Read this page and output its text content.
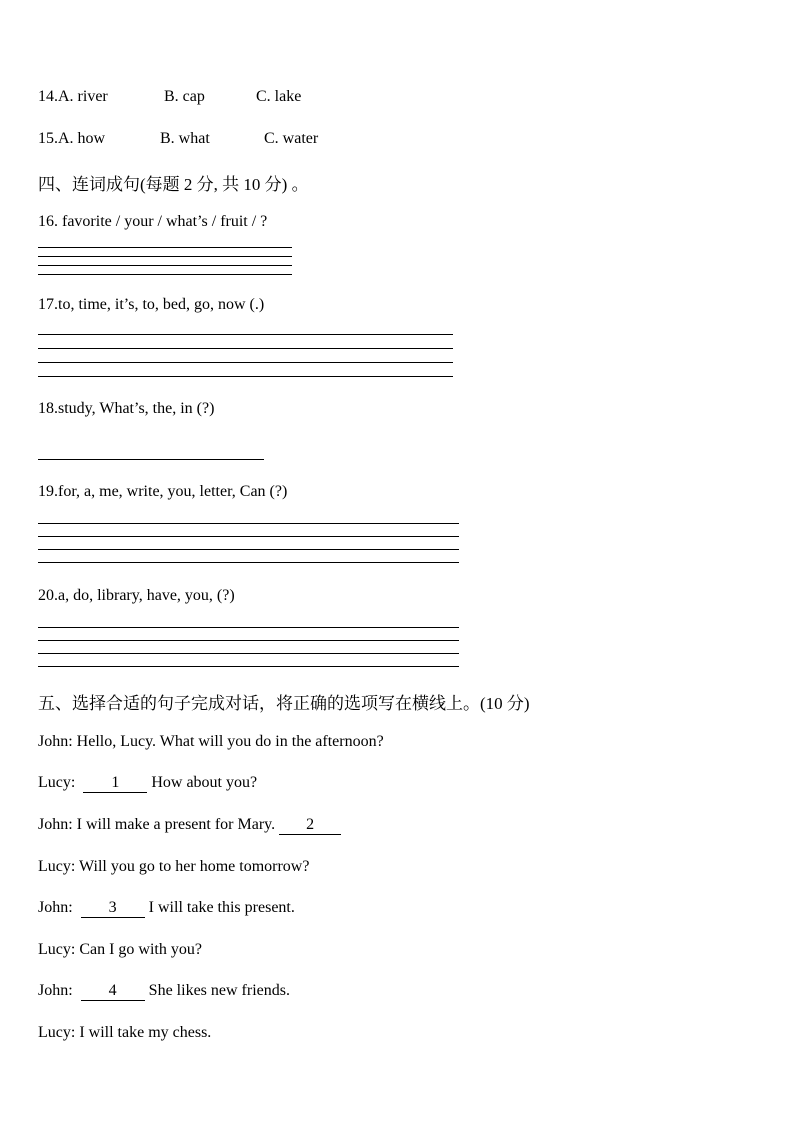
14.A. river	B. cap	C. lake
15.A. how	B. what	C. water
四、连词成句(每题 2 分, 共 10 分) 。
16. favorite / your / what’s / fruit / ?
17.to, time, it’s, to, bed, go, now (.)
18.study, What’s, the, in (?)
19.for, a, me, write, you, letter, Can (?)
20.a, do, library, have, you, (?)
五、选择合适的句子完成对话，将正确的选项写在横线上。(10 分)
John: Hello, Lucy. What will you do in the afternoon?
Lucy: 1 How about you?
John: I will make a present for Mary. 2
Lucy: Will you go to her home tomorrow?
John: 3 I will take this present.
Lucy: Can I go with you?
John: 4 She likes new friends.
Lucy: I will take my chess.
